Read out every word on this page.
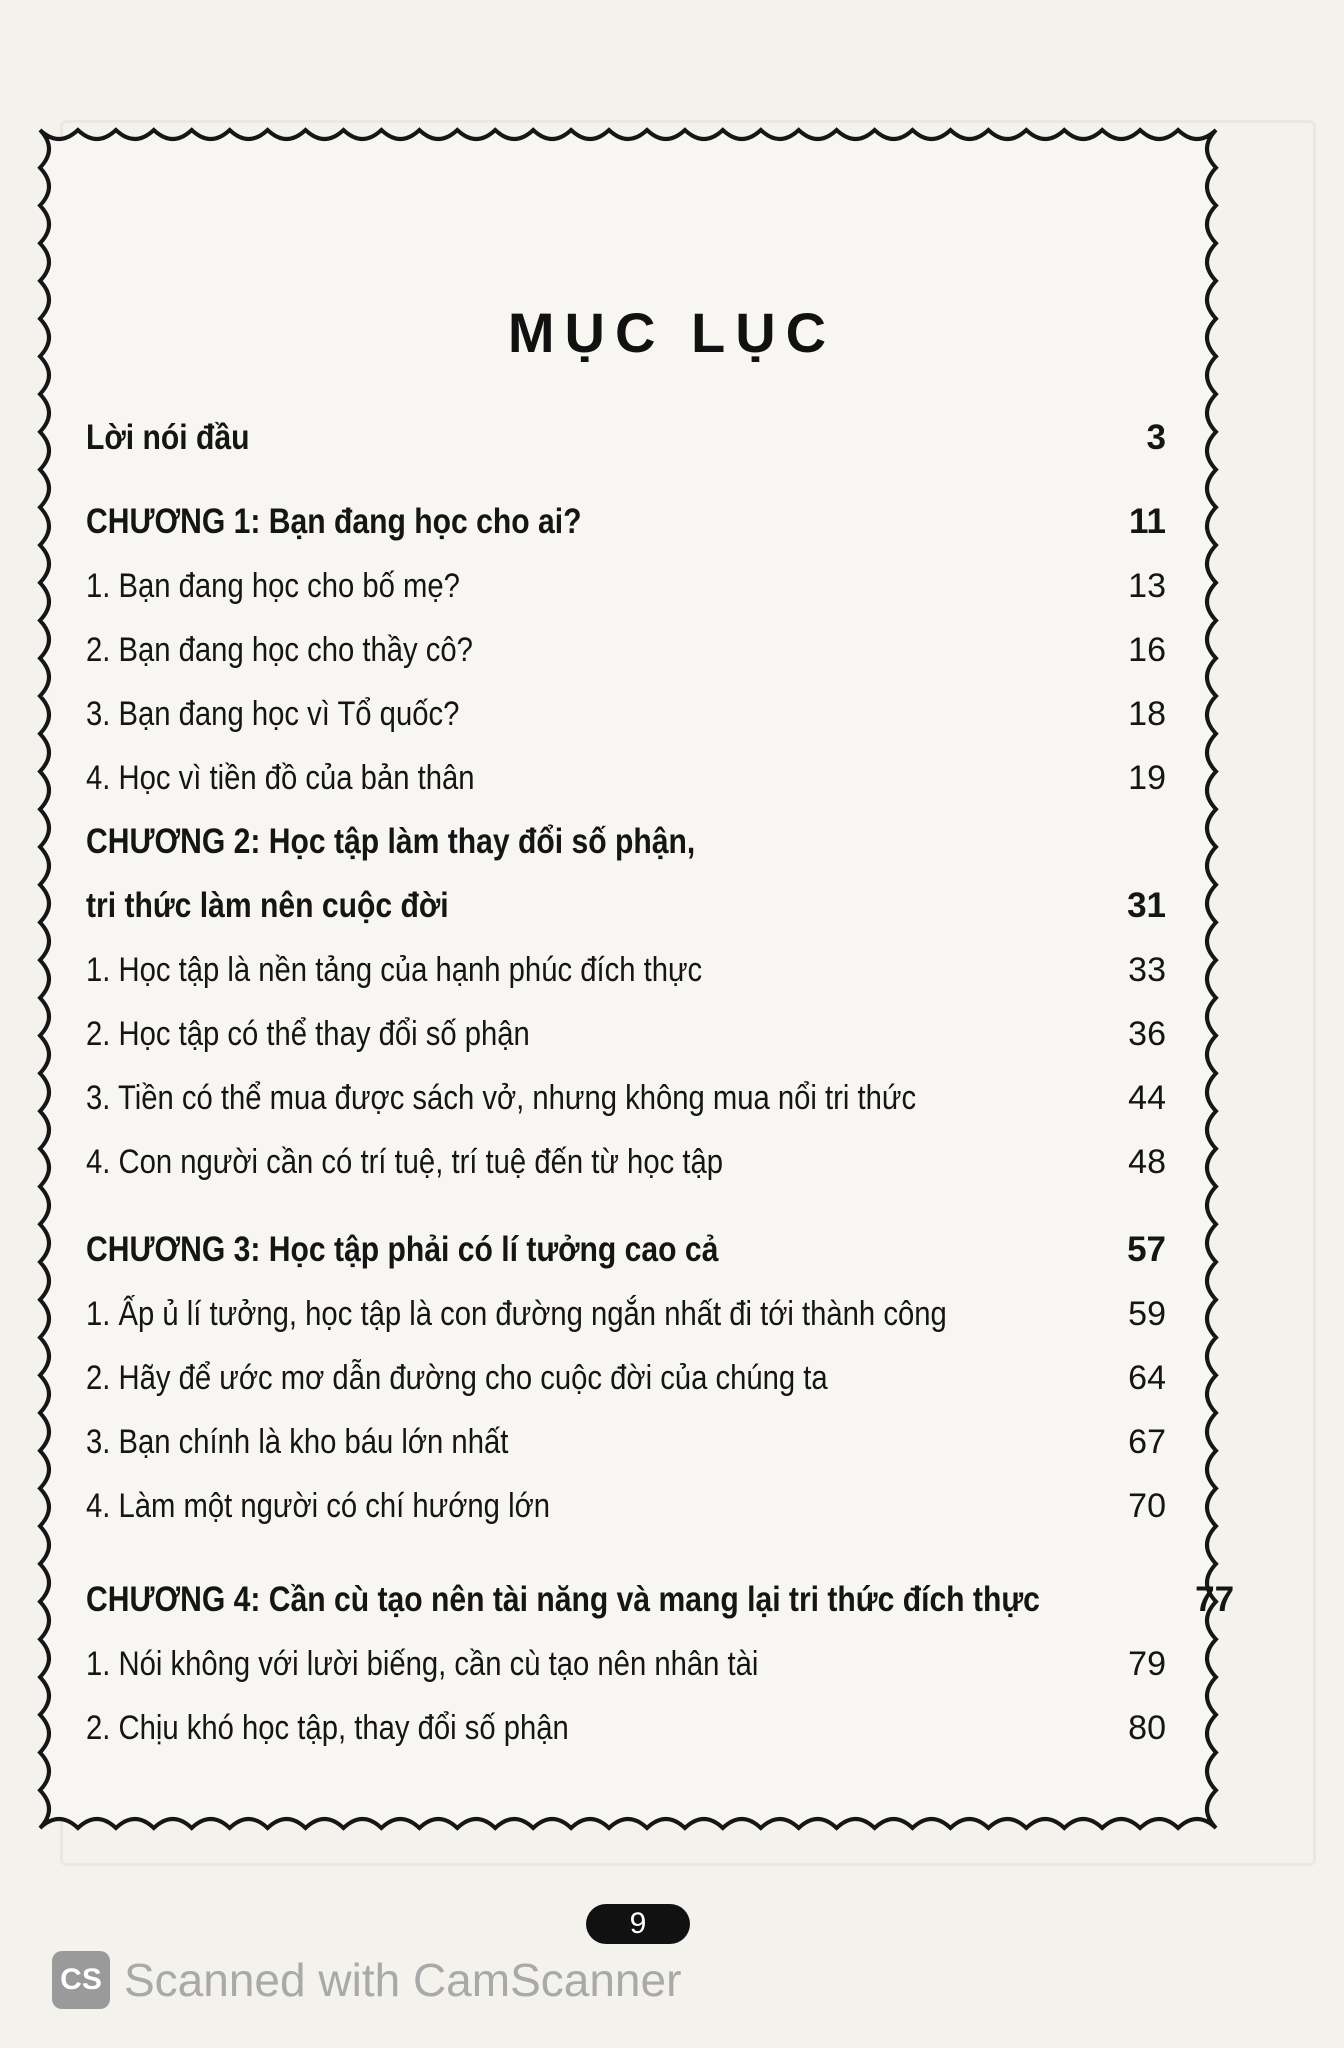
MỤC LỤC
Lời nói đầu	3
CHƯƠNG 1: Bạn đang học cho ai?	11
1. Bạn đang học cho bố mẹ?	13
2. Bạn đang học cho thầy cô?	16
3. Bạn đang học vì Tổ quốc?	18
4. Học vì tiền đồ của bản thân	19
CHƯƠNG 2: Học tập làm thay đổi số phận,
tri thức làm nên cuộc đời	31
1. Học tập là nền tảng của hạnh phúc đích thực	33
2. Học tập có thể thay đổi số phận	36
3. Tiền có thể mua được sách vở, nhưng không mua nổi tri thức	44
4. Con người cần có trí tuệ, trí tuệ đến từ học tập	48
CHƯƠNG 3: Học tập phải có lí tưởng cao cả	57
1. Ấp ủ lí tưởng, học tập là con đường ngắn nhất đi tới thành công	59
2. Hãy để ước mơ dẫn đường cho cuộc đời của chúng ta	64
3. Bạn chính là kho báu lớn nhất	67
4. Làm một người có chí hướng lớn	70
CHƯƠNG 4: Cần cù tạo nên tài năng và mang lại tri thức đích thực	77
1. Nói không với lười biếng, cần cù tạo nên nhân tài	79
2. Chịu khó học tập, thay đổi số phận	80
9
CS Scanned with CamScanner
